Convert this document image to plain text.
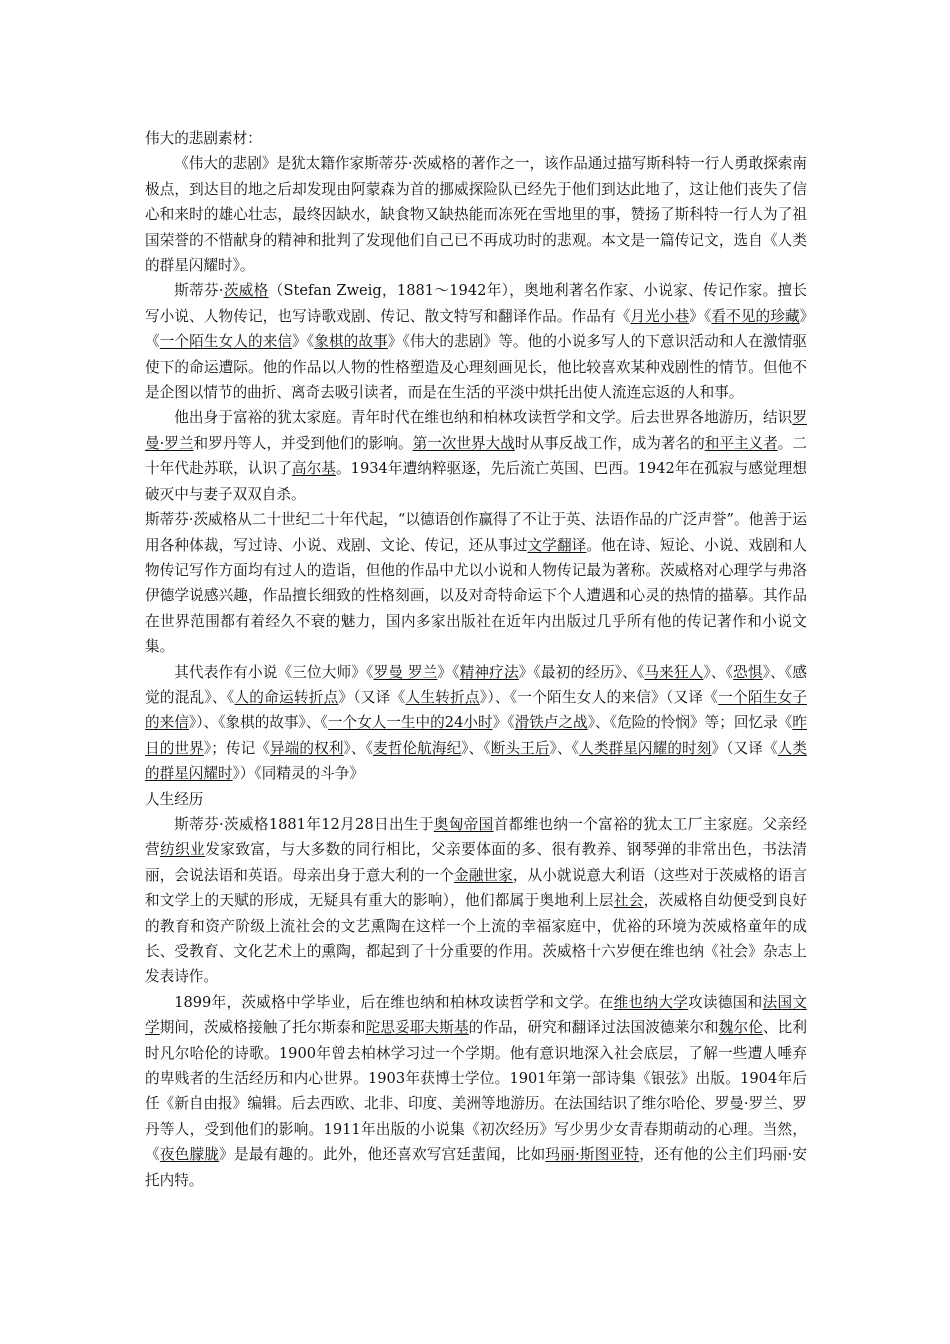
伟大的悲剧素材：
《伟大的悲剧》是犹太籍作家斯蒂芬·茨威格的著作之一，该作品通过描写斯科特一行人勇敢探索南极点，到达目的地之后却发现由阿蒙森为首的挪威探险队已经先于他们到达此地了，这让他们丧失了信心和来时的雄心壮志，最终因缺水，缺食物又缺热能而冻死在雪地里的事，赞扬了斯科特一行人为了祖国荣誉的不惜献身的精神和批判了发现他们自己已不再成功时的悲观。本文是一篇传记文，选自《人类的群星闪耀时》。
斯蒂芬·茨威格（Stefan Zweig，1881～1942年），奥地利著名作家、小说家、传记作家。擅长写小说、人物传记，也写诗歌戏剧、传记、散文特写和翻译作品。作品有《月光小巷》《看不见的珍藏》《一个陌生女人的来信》《象棋的故事》《伟大的悲剧》等。他的小说多写人的下意识活动和人在激情驱使下的命运遭际。他的作品以人物的性格塑造及心理刻画见长，他比较喜欢某种戏剧性的情节。但他不是企图以情节的曲折、离奇去吸引读者，而是在生活的平淡中烘托出使人流连忘返的人和事。
他出身于富裕的犹太家庭。青年时代在维也纳和柏林攻读哲学和文学。后去世界各地游历，结识罗曼·罗兰和罗丹等人，并受到他们的影响。第一次世界大战时从事反战工作，成为著名的和平主义者。二十年代赴苏联，认识了高尔基。1934年遭纳粹驱逐，先后流亡英国、巴西。1942年在孤寂与感觉理想破灭中与妻子双双自杀。
斯蒂芬·茨威格从二十世纪二十年代起，“以德语创作赢得了不让于英、法语作品的广泛声誉”。他善于运用各种体裁，写过诗、小说、戏剧、文论、传记，还从事过文学翻译。他在诗、短论、小说、戏剧和人物传记写作方面均有过人的造诣，但他的作品中尤以小说和人物传记最为著称。茨威格对心理学与弗洛伊德学说感兴趣，作品擅长细致的性格刻画，以及对奇特命运下个人遭遇和心灵的热情的描摹。其作品在世界范围都有着经久不衰的魅力，国内多家出版社在近年内出版过几乎所有他的传记著作和小说文集。
其代表作有小说《三位大师》《罗曼 罗兰》《精神疗法》《最初的经历》、《马来狂人》、《恐惧》、《感觉的混乱》、《人的命运转折点》（又译《人生转折点》）、《一个陌生女人的来信》（又译《一个陌生女子的来信》）、《象棋的故事》、《一个女人一生中的24小时》《滑铁卢之战》、《危险的怜悯》等；回忆录《昨日的世界》；传记《异端的权利》、《麦哲伦航海纪》、《断头王后》、《人类群星闪耀的时刻》（又译《人类的群星闪耀时》）《同精灵的斗争》
人生经历
斯蒂芬·茨威格1881年12月28日出生于奥匈帝国首都维也纳一个富裕的犹太工厂主家庭。父亲经营纺织业发家致富，与大多数的同行相比，父亲要体面的多、很有教养、钢琴弹的非常出色，书法清丽，会说法语和英语。母亲出身于意大利的一个金融世家，从小就说意大利语（这些对于茨威格的语言和文学上的天赋的形成，无疑具有重大的影响），他们都属于奥地利上层社会，茨威格自幼便受到良好的教育和资产阶级上流社会的文艺熏陶在这样一个上流的幸福家庭中，优裕的环境为茨威格童年的成长、受教育、文化艺术上的熏陶，都起到了十分重要的作用。茨威格十六岁便在维也纳《社会》杂志上发表诗作。
1899年，茨威格中学毕业，后在维也纳和柏林攻读哲学和文学。在维也纳大学攻读德国和法国文学期间，茨威格接触了托尔斯泰和陀思妥耶夫斯基的作品，研究和翻译过法国波德莱尔和魏尔伦、比利时凡尔哈伦的诗歌。1900年曾去柏林学习过一个学期。他有意识地深入社会底层，了解一些遭人唾弃的卑贱者的生活经历和内心世界。1903年获博士学位。1901年第一部诗集《银弦》出版。1904年后任《新自由报》编辑。后去西欧、北非、印度、美洲等地游历。在法国结识了维尔哈伦、罗曼·罗兰、罗丹等人，受到他们的影响。1911年出版的小说集《初次经历》写少男少女青春期萌动的心理。当然，《夜色朦胧》是最有趣的。此外，他还喜欢写宫廷蜚闻，比如玛丽·斯图亚特，还有他的公主们玛丽·安托内特。
